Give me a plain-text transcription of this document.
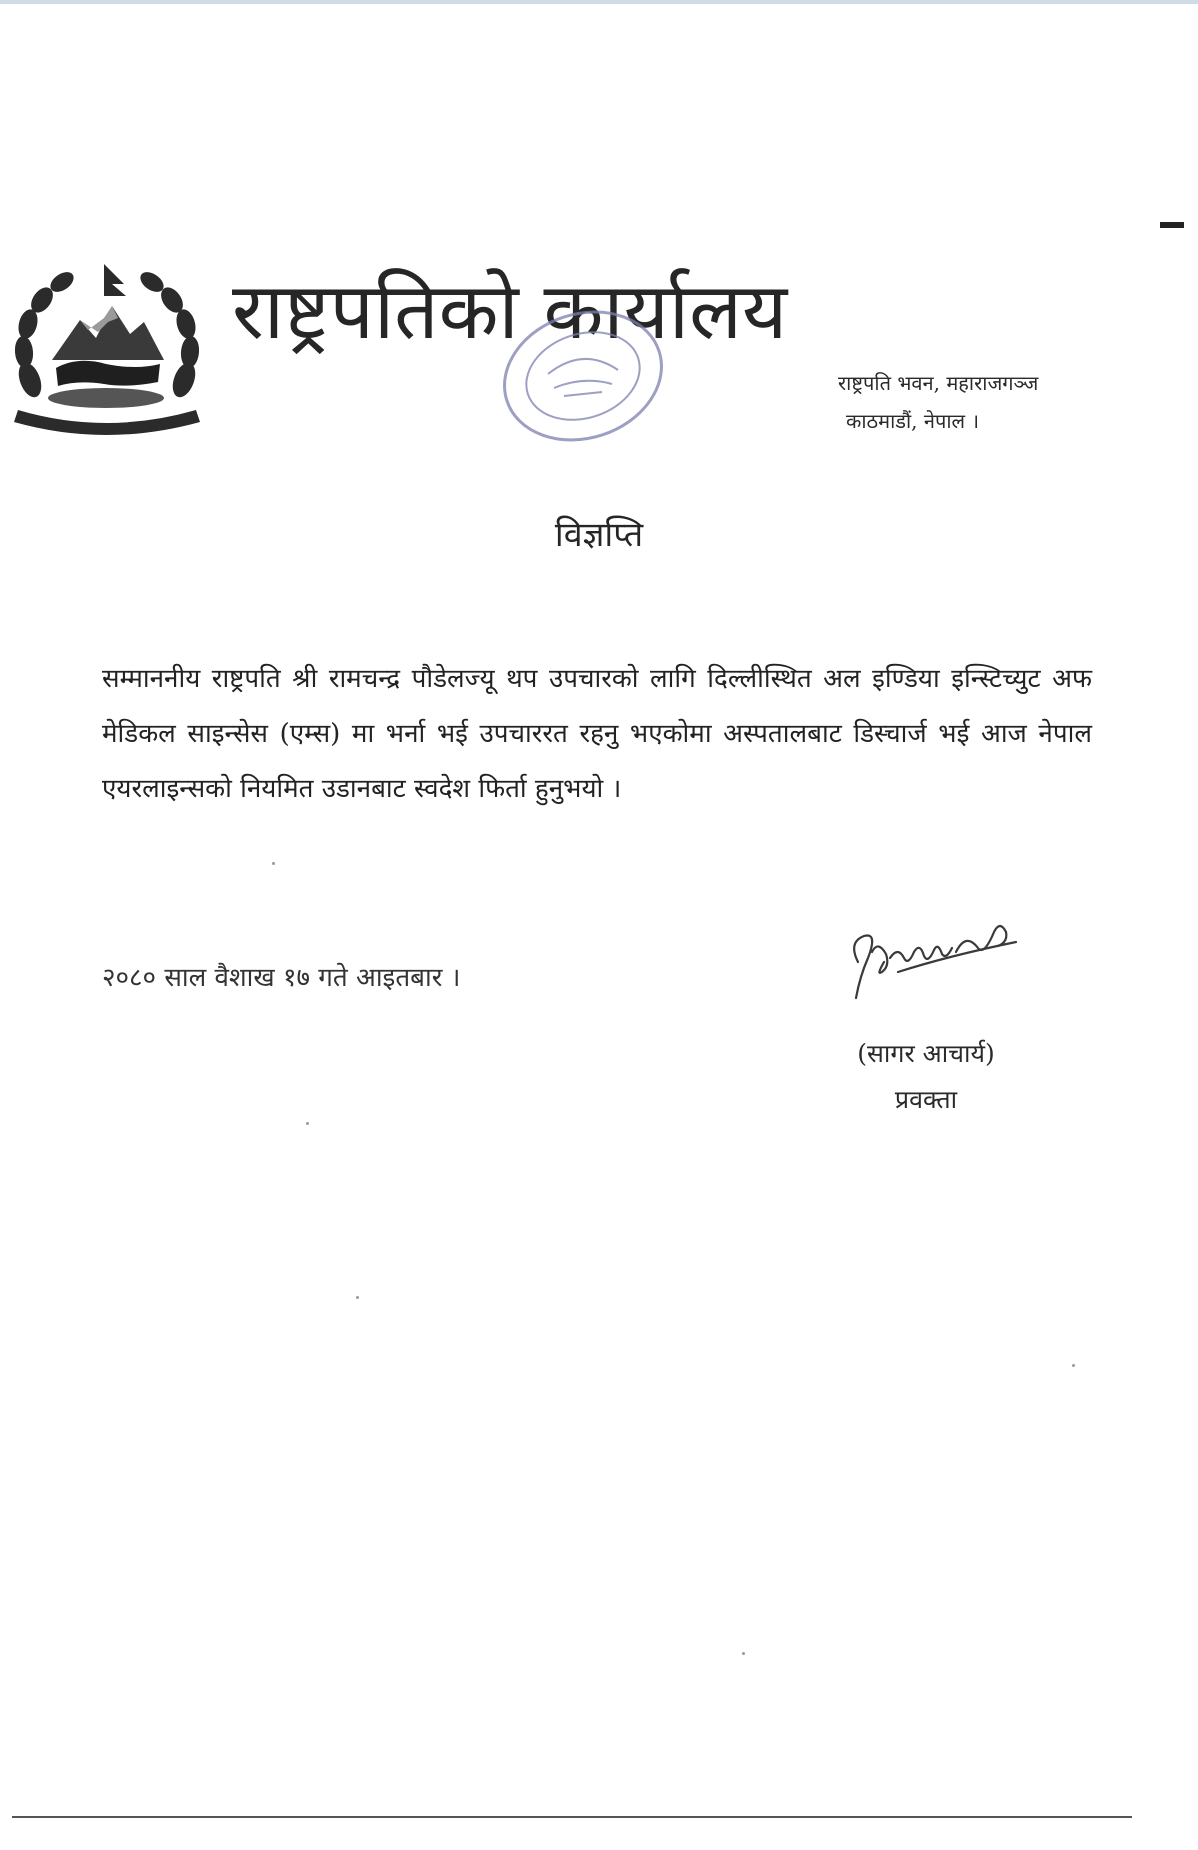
राष्ट्रपतिको कार्यालय
राष्ट्रपति भवन, महाराजगञ्ज
काठमाडौं, नेपाल ।
विज्ञप्ति
सम्माननीय राष्ट्रपति श्री रामचन्द्र पौडेलज्यू थप उपचारको लागि दिल्लीस्थित अल इण्डिया इन्स्टिच्युट अफ मेडिकल साइन्सेस (एम्स) मा भर्ना भई उपचाररत रहनु भएकोमा अस्पतालबाट डिस्चार्ज भई आज नेपाल एयरलाइन्सको नियमित उडानबाट स्वदेश फिर्ता हुनुभयो ।
२०८० साल वैशाख १७ गते आइतबार ।
(सागर आचार्य)
प्रवक्ता
